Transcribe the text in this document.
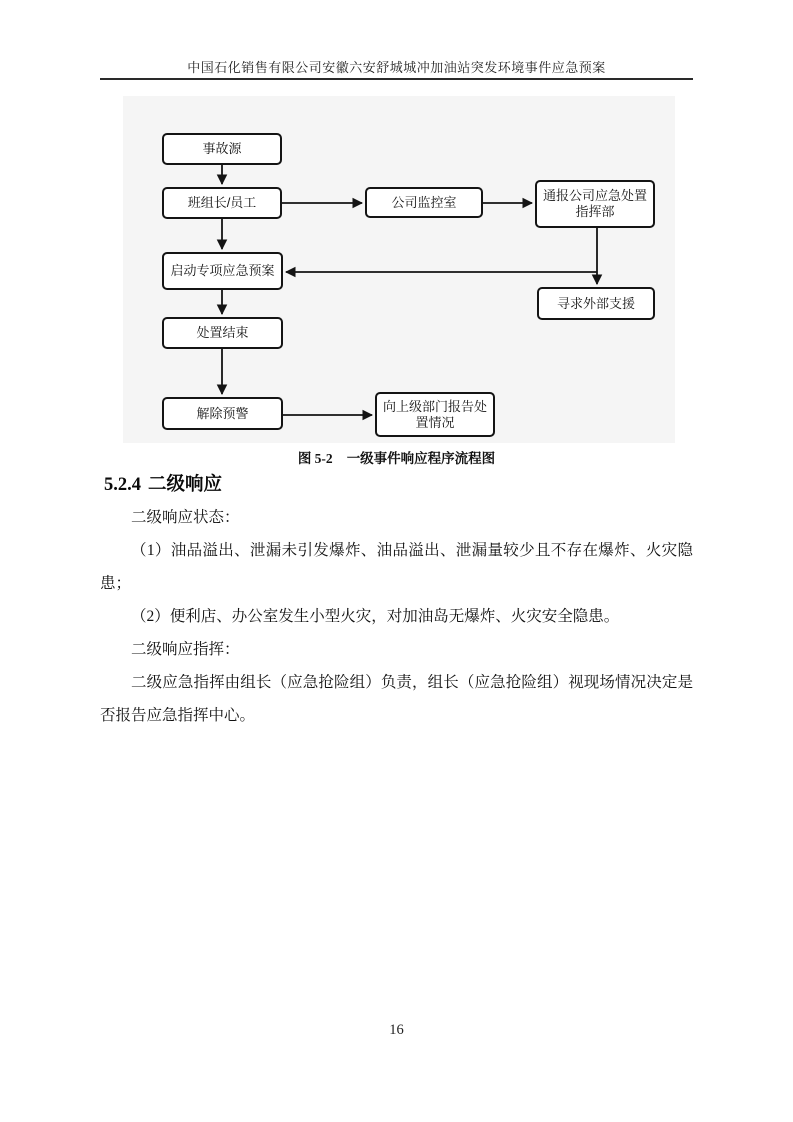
中国石化销售有限公司安徽六安舒城城冲加油站突发环境事件应急预案
事故源
班组长/员工	公司监控室	通报公司应急处置指挥部
启动专项应急预案
寻求外部支援
处置结束
解除预警	向上级部门报告处置情况
图 5-2 一级事件响应程序流程图
5.2.4 二级响应

二级响应状态：

（1）油品溢出、泄漏未引发爆炸、油品溢出、泄漏量较少且不存在爆炸、火灾隐患；

（2）便利店、办公室发生小型火灾，对加油岛无爆炸、火灾安全隐患。

二级响应指挥：

二级应急指挥由组长（应急抢险组）负责，组长（应急抢险组）视现场情况决定是否报告应急指挥中心。

16
